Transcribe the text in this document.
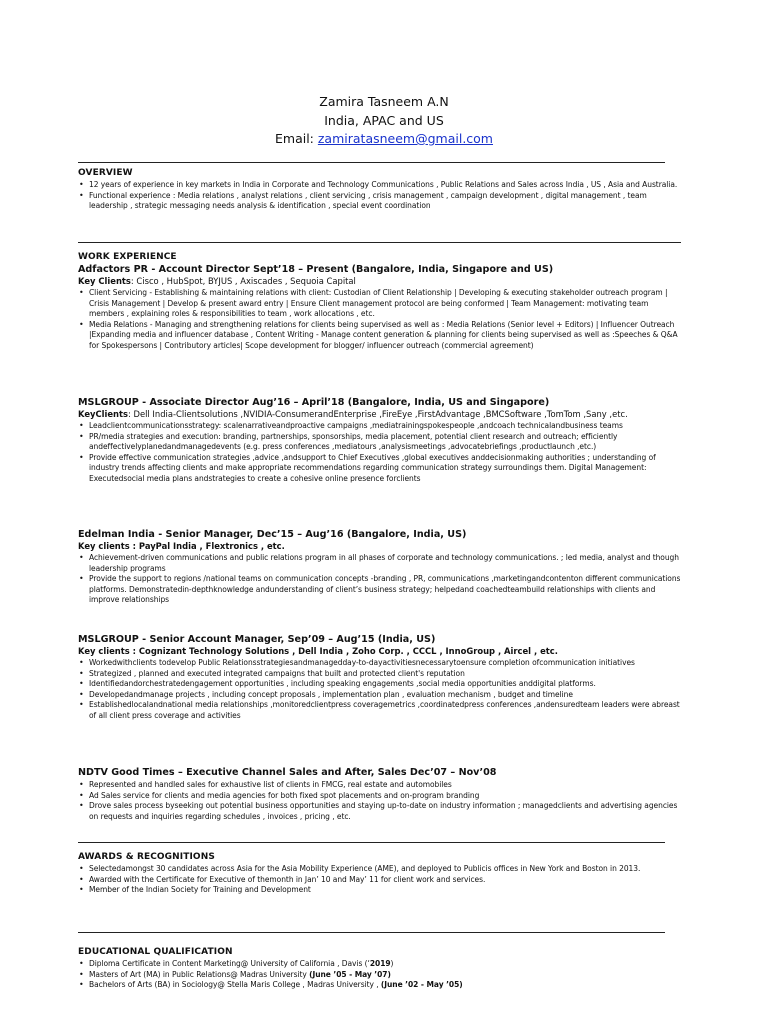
Zamira Tasneem A.N
India, APAC and US
Email: zamiratasneem@gmail.com
OVERVIEW
• 12 years of experience in key markets in India in Corporate and Technology Communications , Public Relations and Sales across India , US , Asia and Australia.
• Functional experience : Media relations , analyst relations , client servicing , crisis management , campaign development , digital management , team leadership , strategic messaging needs analysis & identification , special event coordination
WORK EXPERIENCE
Adfactors PR - Account Director Sept’18 – Present (Bangalore, India, Singapore and US)
Key Clients: Cisco , HubSpot, BYJUS , Axiscades , Sequoia Capital
• Client Servicing - Establishing & maintaining relations with client: Custodian of Client Relationship | Developing & executing stakeholder outreach program | Crisis Management | Develop & present award entry | Ensure Client management protocol are being conformed | Team Management: motivating team members , explaining roles & responsibilities to team , work allocations , etc.
• Media Relations - Managing and strengthening relations for clients being supervised as well as : Media Relations (Senior level + Editors) | Influencer Outreach |Expanding media and influencer database , Content Writing - Manage content generation & planning for clients being supervised as well as :Speeches & Q&A for Spokespersons | Contributory articles| Scope development for blogger/ influencer outreach (commercial agreement)
MSLGROUP - Associate Director Aug’16 – April’18 (Bangalore, India, US and Singapore)
KeyClients: Dell India-Clientsolutions ,NVIDIA-ConsumerandEnterprise ,FireEye ,FirstAdvantage ,BMCSoftware ,TomTom ,Sany ,etc.
• Leadclientcommunicationsstrategy: scalenarrativeandproactive campaigns ,mediatrainingspokespeople ,andcoach technicalandbusiness teams
• PR/media strategies and execution: branding, partnerships, sponsorships, media placement, potential client research and outreach; efficiently andeffectivelyplanedandmanagedevents (e.g. press conferences ,mediatours ,analysismeetings ,advocatebriefings ,productlaunch ,etc.)
• Provide effective communication strategies ,advice ,andsupport to Chief Executives ,global executives anddecisionmaking authorities ; understanding of industry trends affecting clients and make appropriate recommendations regarding communication strategy surroundings them. Digital Management: Executedsocial media plans andstrategies to create a cohesive online presence forclients
Edelman India - Senior Manager, Dec’15 – Aug’16 (Bangalore, India, US)
Key clients : PayPal India , Flextronics , etc.
• Achievement-driven communications and public relations program in all phases of corporate and technology communications. ; led media, analyst and though leadership programs
• Provide the support to regions /national teams on communication concepts -branding , PR, communications ,marketingandcontenton different communications platforms. Demonstratedin-depthknowledge andunderstanding of client’s business strategy; helpedand coachedteambuild relationships with clients and improve relationships
MSLGROUP - Senior Account Manager, Sep’09 – Aug’15 (India, US)
Key clients : Cognizant Technology Solutions , Dell India , Zoho Corp. , CCCL , InnoGroup , Aircel , etc.
• Workedwithclients todevelop Public Relationsstrategiesandmanagedday-to-dayactivitiesnecessarytoensure completion ofcommunication initiatives
• Strategized , planned and executed integrated campaigns that built and protected client's reputation
• Identifiedandorchestratedengagement opportunities , including speaking engagements ,social media opportunities anddigital platforms.
• Developedandmanage projects , including concept proposals , implementation plan , evaluation mechanism , budget and timeline
• Establishedlocalandnational media relationships ,monitoredclientpress coveragemetrics ,coordinatedpress conferences ,andensuredteam leaders were abreast of all client press coverage and activities
NDTV Good Times – Executive Channel Sales and After, Sales Dec’07 – Nov’08
• Represented and handled sales for exhaustive list of clients in FMCG, real estate and automobiles
• Ad Sales service for clients and media agencies for both fixed spot placements and on-program branding
• Drove sales process byseeking out potential business opportunities and staying up-to-date on industry information ; managedclients and advertising agencies on requests and inquiries regarding schedules , invoices , pricing , etc.
AWARDS & RECOGNITIONS
• Selectedamongst 30 candidates across Asia for the Asia Mobility Experience (AME), and deployed to Publicis offices in New York and Boston in 2013.
• Awarded with the Certificate for Executive of themonth in Jan’ 10 and May’ 11 for client work and services.
• Member of the Indian Society for Training and Development
EDUCATIONAL QUALIFICATION
• Diploma Certificate in Content Marketing@ University of California , Davis (‘2019)
• Masters of Art (MA) in Public Relations@ Madras University (June ’05 - May ’07)
• Bachelors of Arts (BA) in Sociology@ Stella Maris College , Madras University , (June ’02 - May ’05)
